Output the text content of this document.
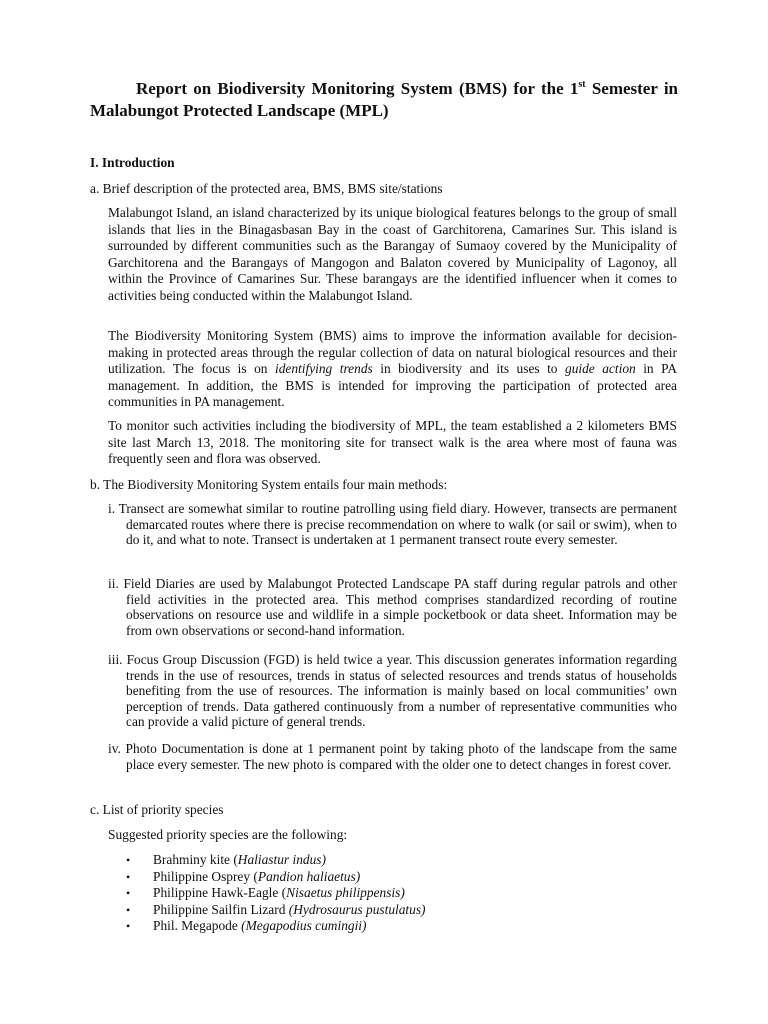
Report on Biodiversity Monitoring System (BMS) for the 1st Semester in Malabungot Protected Landscape (MPL)
I. Introduction
a. Brief description of the protected area, BMS, BMS site/stations

Malabungot Island, an island characterized by its unique biological features belongs to the group of small islands that lies in the Binagasbasan Bay in the coast of Garchitorena, Camarines Sur. This island is surrounded by different communities such as the Barangay of Sumaoy covered by the Municipality of Garchitorena and the Barangays of Mangogon and Balaton covered by Municipality of Lagonoy, all within the Province of Camarines Sur. These barangays are the identified influencer when it comes to activities being conducted within the Malabungot Island.

The Biodiversity Monitoring System (BMS) aims to improve the information available for decision-making in protected areas through the regular collection of data on natural biological resources and their utilization. The focus is on identifying trends in biodiversity and its uses to guide action in PA management. In addition, the BMS is intended for improving the participation of protected area communities in PA management.

To monitor such activities including the biodiversity of MPL, the team established a 2 kilometers BMS site last March 13, 2018. The monitoring site for transect walk is the area where most of fauna was frequently seen and flora was observed.

b. The Biodiversity Monitoring System entails four main methods:
i. Transect are somewhat similar to routine patrolling using field diary. However, transects are permanent demarcated routes where there is precise recommendation on where to walk (or sail or swim), when to do it, and what to note. Transect is undertaken at 1 permanent transect route every semester.
ii. Field Diaries are used by Malabungot Protected Landscape PA staff during regular patrols and other field activities in the protected area. This method comprises standardized recording of routine observations on resource use and wildlife in a simple pocketbook or data sheet. Information may be from own observations or second-hand information.
iii. Focus Group Discussion (FGD) is held twice a year. This discussion generates information regarding trends in the use of resources, trends in status of selected resources and trends status of households benefiting from the use of resources. The information is mainly based on local communities’ own perception of trends. Data gathered continuously from a number of representative communities who can provide a valid picture of general trends.
iv. Photo Documentation is done at 1 permanent point by taking photo of the landscape from the same place every semester. The new photo is compared with the older one to detect changes in forest cover.
c. List of priority species
Suggested priority species are the following:
• Brahminy kite (Haliastur indus)
• Philippine Osprey (Pandion haliaetus)
• Philippine Hawk-Eagle (Nisaetus philippensis)
• Philippine Sailfin Lizard (Hydrosaurus pustulatus)
• Phil. Megapode (Megapodius cumingii)
